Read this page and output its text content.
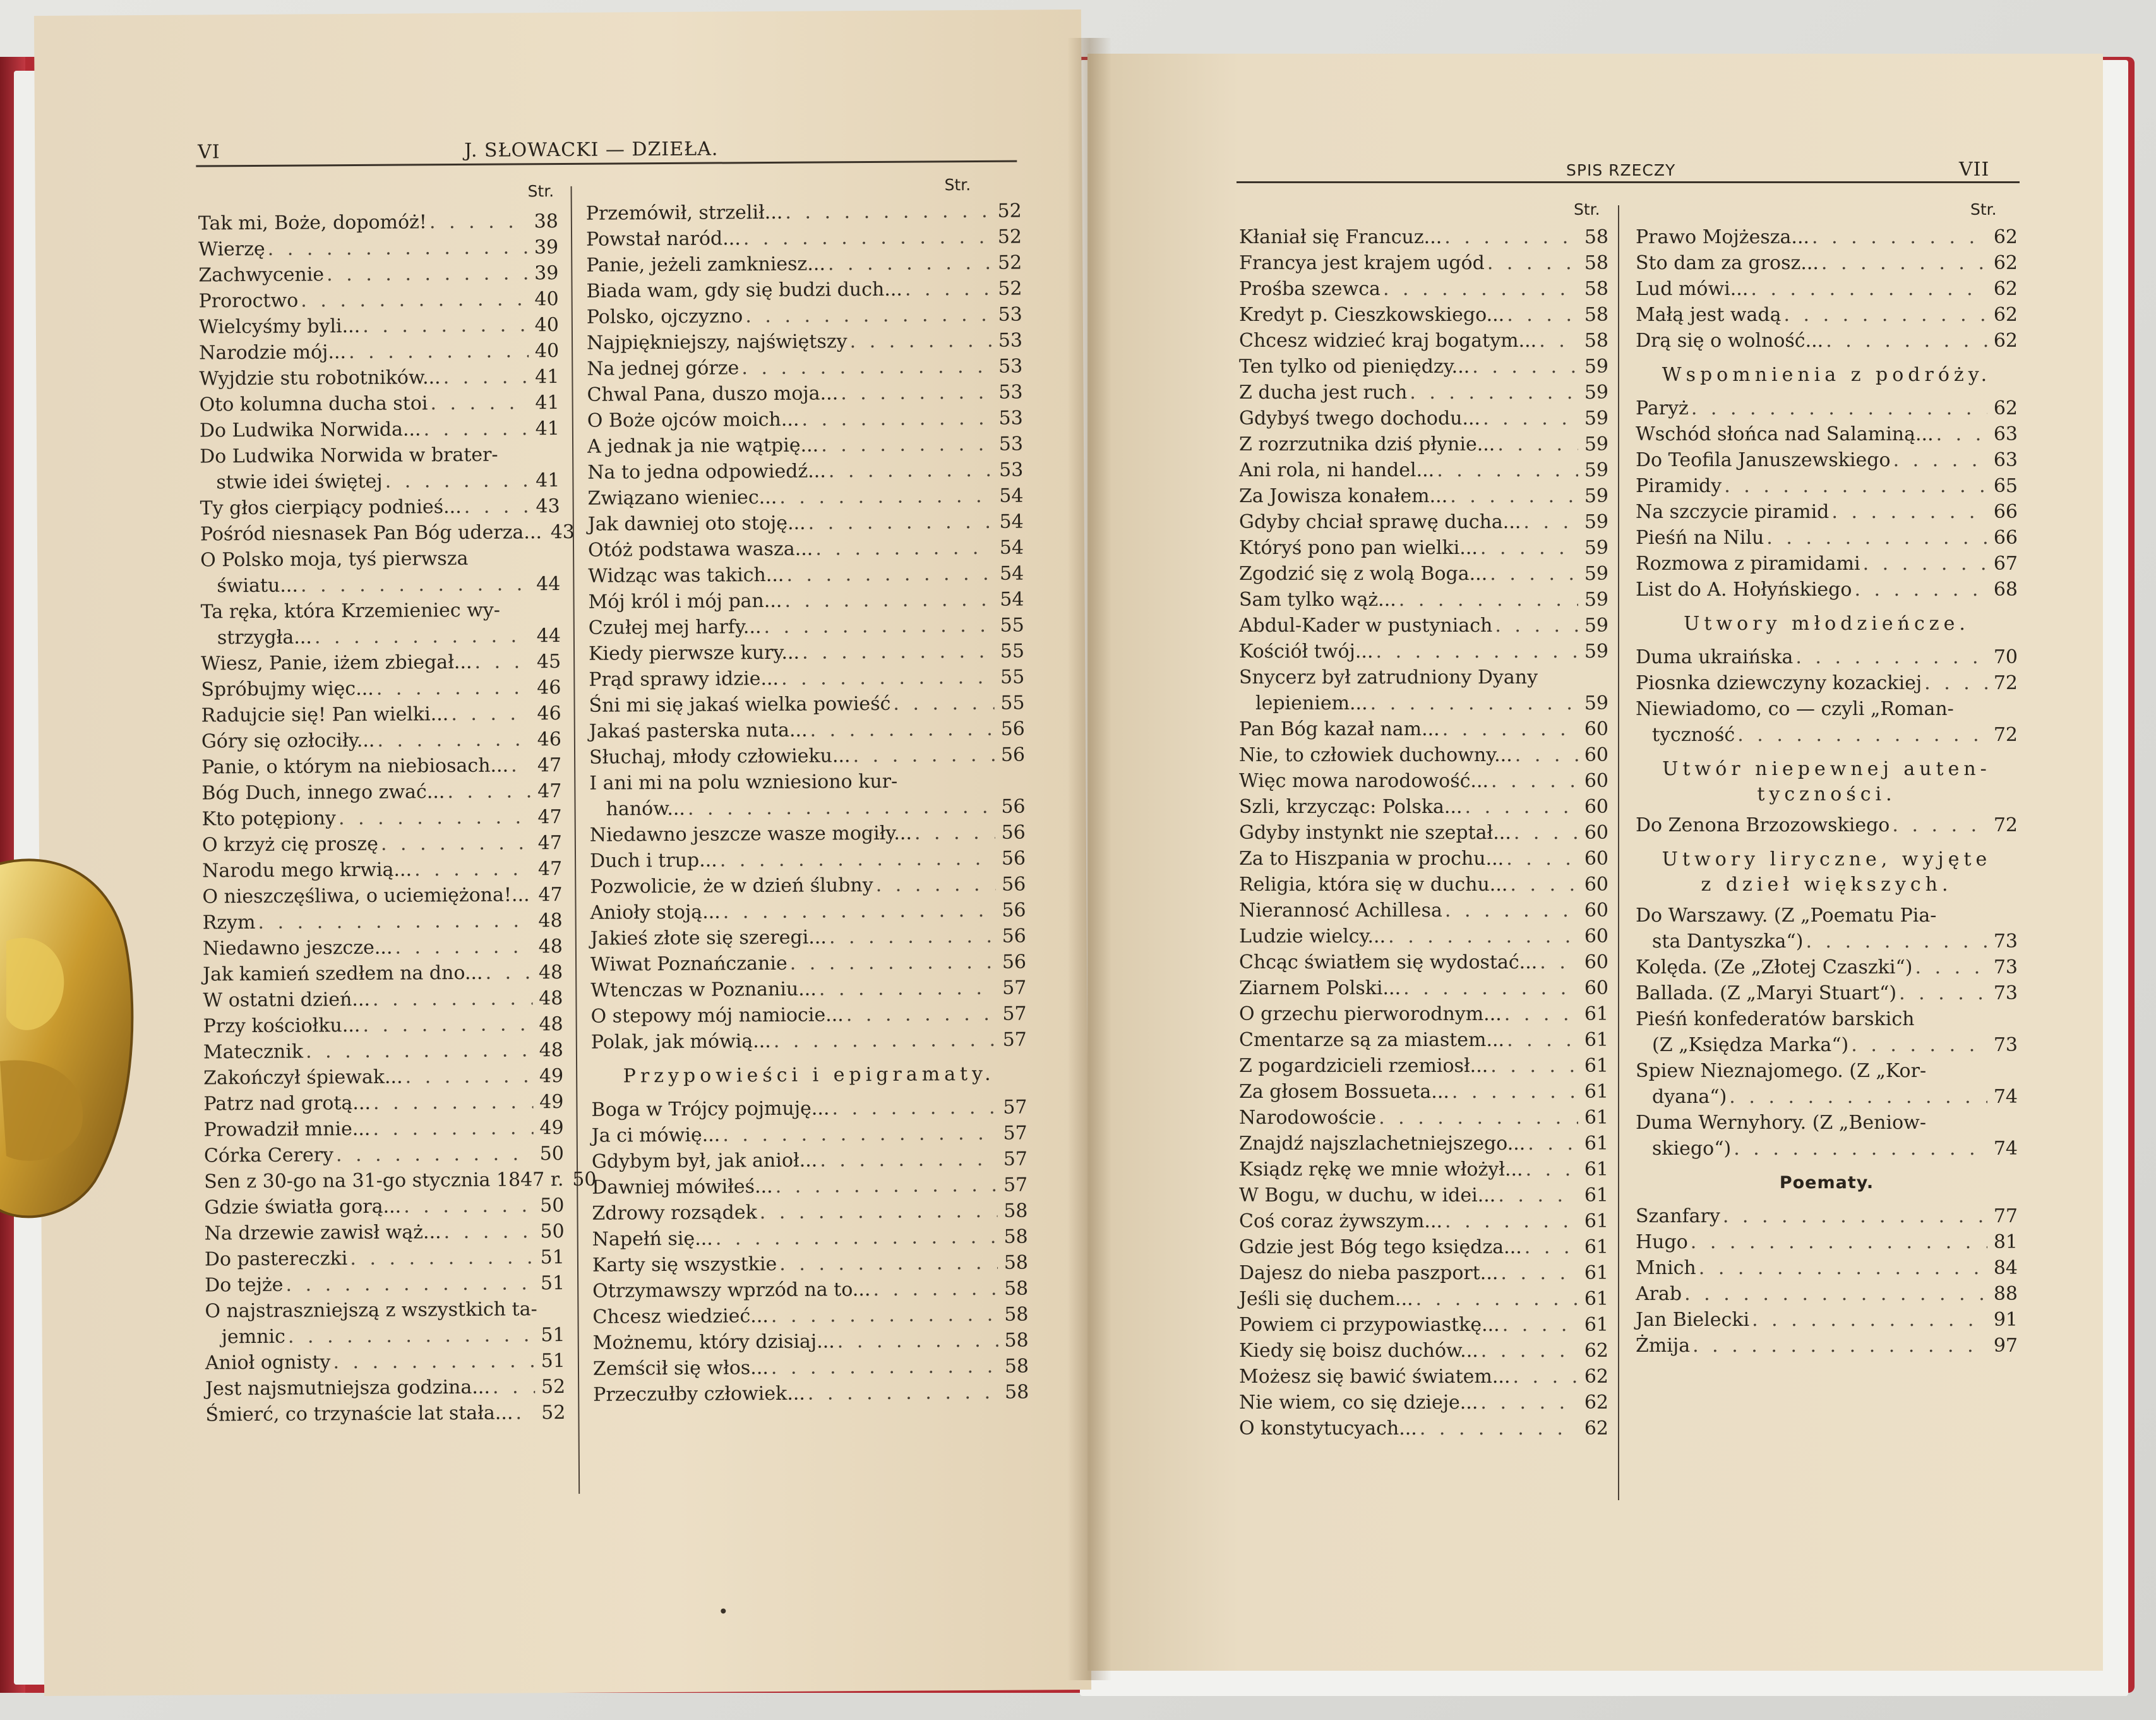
VI	J. SŁOWACKI — DZIEŁA.
Str.	Str.
Tak mi, Boże, dopomóż! . . .	38
Wierzę . . .	39
Zachwycenie . . .	39
Proroctwo . . .	40
Wielcyśmy byli... . . .	40
Narodzie mój... . . .	40
Wyjdzie stu robotników... . . .	41
Oto kolumna ducha stoi . . .	41
Do Ludwika Norwida... . . .	41
Do Ludwika Norwida w brater-
stwie idei świętej . . .	41
Ty głos cierpiący podnieś... . . .	43
Pośród niesnasek Pan Bóg uderza... . . . 43
O Polsko moja, tyś pierwsza
światu... . . .	44
Ta ręka, która Krzemieniec wy-
strzygła... . . .	44
Wiesz, Panie, iżem zbiegał... . . .	45
Spróbujmy więc... . . .	46
Radujcie się! Pan wielki... . . .	46
Góry się ozłociły... . . .	46
Panie, o którym na niebiosach... . . . 47
Bóg Duch, innego zwać... . . .	47
Kto potępiony . . .	47
O krzyż cię proszę . . .	47
Narodu mego krwią... . . .	47
O nieszczęśliwa, o uciemiężona!... . . . 47
Rzym . . .	48
Niedawno jeszcze... . . .	48
Jak kamień szedłem na dno... . . .	48
W ostatni dzień... . . .	48
Przy kościołku... . . .	48
Matecznik . . .	48
Zakończył śpiewak... . . .	49
Patrz nad grotą... . . .	49
Prowadził mnie... . . .	49
Córka Cerery . . .	50
Sen z 30-go na 31-go stycznia 1847 r. . . . 50
Gdzie światła gorą... . . .	50
Na drzewie zawisł wąż... . . .	50
Do pastereczki . . .	51
Do tejże . . .	51
O najstraszniejszą z wszystkich ta-
jemnic . . .	51
Anioł ognisty . . .	51
Jest najsmutniejsza godzina... . . .	52
Śmierć, co trzynaście lat stała... . . . 52
Przemówił, strzelił... . . .	52
Powstał naród... . . .	52
Panie, jeżeli zamkniesz... . . .	52
Biada wam, gdy się budzi duch... . . .	52
Polsko, ojczyzno . . .	53
Najpiękniejszy, najświętszy . . .	53
Na jednej górze . . .	53
Chwal Pana, duszo moja... . . .	53
O Boże ojców moich... . . .	53
A jednak ja nie wątpię... . . .	53
Na to jedna odpowiedź... . . .	53
Związano wieniec... . . .	54
Jak dawniej oto stoję... . . .	54
Otóż podstawa wasza... . . .	54
Widząc was takich... . . .	54
Mój król i mój pan... . . .	54
Czułej mej harfy... . . .	55
Kiedy pierwsze kury... . . .	55
Prąd sprawy idzie... . . .	55
Śni mi się jakaś wielka powieść . . .	55
Jakaś pasterska nuta... . . .	56
Słuchaj, młody człowieku... . . .	56
I ani mi na polu wzniesiono kur-
hanów... . . .	56
Niedawno jeszcze wasze mogiły... . . .	56
Duch i trup... . . .	56
Pozwolicie, że w dzień ślubny . . .	56
Anioły stoją... . . .	56
Jakieś złote się szeregi... . . .	56
Wiwat Poznańczanie . . .	56
Wtenczas w Poznaniu... . . .	57
O stepowy mój namiocie... . . .	57
Polak, jak mówią... . . .	57
Przypowieści i epigramaty.
Boga w Trójcy pojmuję... . . .	57
Ja ci mówię... . . .	57
Gdybym był, jak anioł... . . .	57
Dawniej mówiłeś... . . .	57
Zdrowy rozsądek . . .	58
Napełń się... . . .	58
Karty się wszystkie . . .	58
Otrzymawszy wprzód na to... . . .	58
Chcesz wiedzieć... . . .	58
Możnemu, który dzisiaj... . . .	58
Zemścił się włos... . . .	58
Przeczułby człowiek... . . .	58
SPIS RZECZY	VII
Str.	Str.
Kłaniał się Francuz... . . .	58
Francya jest krajem ugód . . .	58
Prośba szewca . . .	58
Kredyt p. Cieszkowskiego... . . .	58
Chcesz widzieć kraj bogatym... . . .	58
Ten tylko od pieniędzy... . . .	59
Z ducha jest ruch . . .	59
Gdybyś twego dochodu... . . .	59
Z rozrzutnika dziś płynie... . . .	59
Ani rola, ni handel... . . .	59
Za Jowisza konałem... . . .	59
Gdyby chciał sprawę ducha... . . .	59
Któryś pono pan wielki... . . .	59
Zgodzić się z wolą Boga... . . .	59
Sam tylko wąż... . . .	59
Abdul-Kader w pustyniach . . .	59
Kościół twój... . . .	59
Snycerz był zatrudniony Dyany
lepieniem... . . .	59
Pan Bóg kazał nam... . . .	60
Nie, to człowiek duchowny... . . .	60
Więc mowa narodowość... . . .	60
Szli, krzycząc: Polska... . . .	60
Gdyby instynkt nie szeptał... . . .	60
Za to Hiszpania w prochu... . . .	60
Religia, która się w duchu... . . .	60
Nierannosć Achillesa . . .	60
Ludzie wielcy... . . .	60
Chcąc światłem się wydostać... . . . 60
Ziarnem Polski... . . .	60
O grzechu pierworodnym... . . .	61
Cmentarze są za miastem... . . .	61
Z pogardzicieli rzemiosł... . . .	61
Za głosem Bossueta... . . .	61
Narodowoście . . .	61
Znajdź najszlachetniejszego... . . .	61
Ksiądz rękę we mnie włożył... . . .	61
W Bogu, w duchu, w idei... . . .	61
Coś coraz żywszym... . . .	61
Gdzie jest Bóg tego księdza... . . .	61
Dajesz do nieba paszport... . . .	61
Jeśli się duchem... . . .	61
Powiem ci przypowiastkę... . . .	61
Kiedy się boisz duchów... . . .	62
Możesz się bawić światem... . . .	62
Nie wiem, co się dzieje... . . .	62
O konstytucyach... . . .	62
Prawo Mojżesza... . . .	62
Sto dam za grosz... . . .	62
Lud mówi... . . .	62
Małą jest wadą . . .	62
Drą się o wolność... . . .	62
Wspomnienia z podróży.
Paryż . . .	62
Wschód słońca nad Salaminą... . . .	63
Do Teofila Januszewskiego . . .	63
Piramidy . . .	65
Na szczycie piramid . . .	66
Pieśń na Nilu . . .	66
Rozmowa z piramidami . . .	67
List do A. Hołyńskiego . . .	68
Utwory młodzieńcze.
Duma ukraińska . . .	70
Piosnka dziewczyny kozackiej . . .	72
Niewiadomo, co — czyli „Roman-
tyczność . . .	72
Utwór niepewnej auten-
tyczności.
Do Zenona Brzozowskiego . . .	72
Utwory liryczne, wyjęte
z dzieł większych.
Do Warszawy. (Z „Poematu Pia-
sta Dantyszka“) . . .	73
Kolęda. (Ze „Złotej Czaszki“) . . .	73
Ballada. (Z „Maryi Stuart“) . . .	73
Pieśń konfederatów barskich
(Z „Księdza Marka“) . . .	73
Spiew Nieznajomego. (Z „Kor-
dyana“) . . .	74
Duma Wernyhory. (Z „Beniow-
skiego“) . . .	74
Poematy.
Szanfary . . .	77
Hugo . . .	81
Mnich . . .	84
Arab . . .	88
Jan Bielecki . . .	91
Żmija . . .	97
